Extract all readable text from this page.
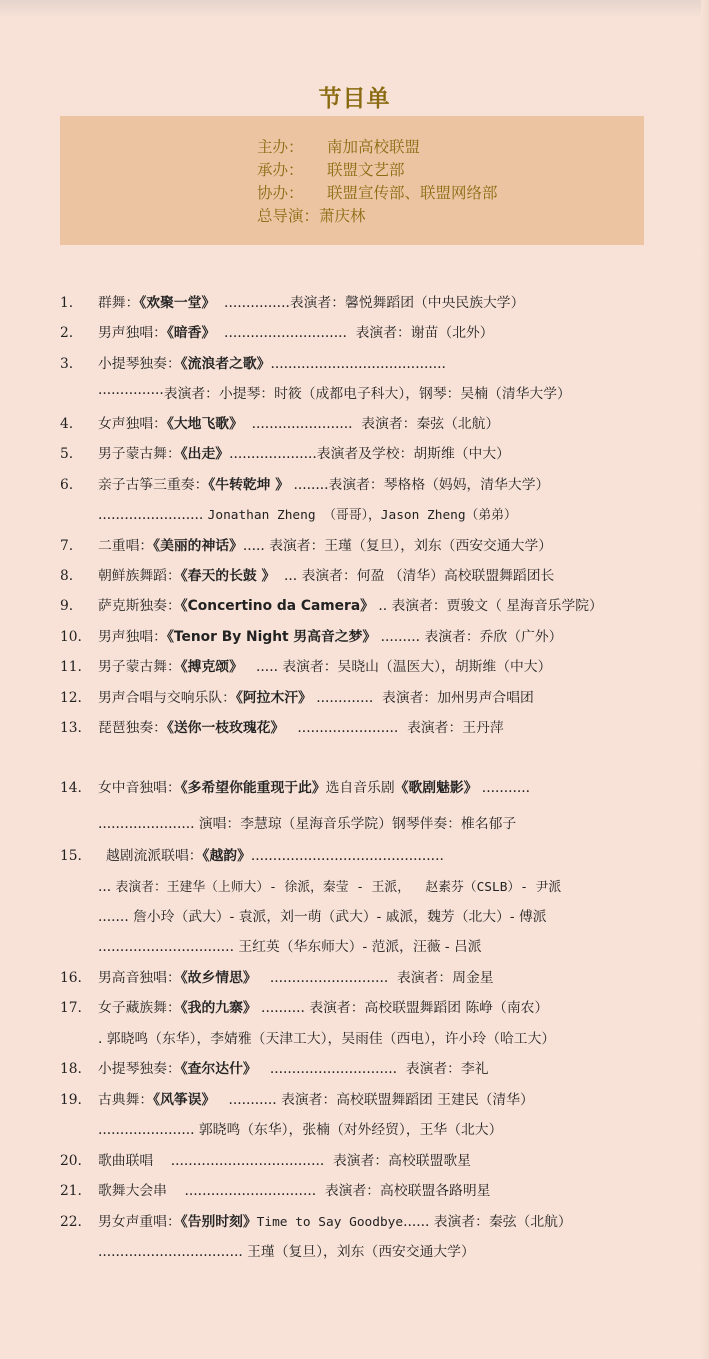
节目单
主办： 南加高校联盟
承办： 联盟文艺部
协办： 联盟宣传部、联盟网络部
总导演：萧庆林
1. 群舞：《欢聚一堂》  ...............表演者：馨悦舞蹈团（中央民族大学）
2. 男声独唱：《暗香》  ............................  表演者：谢苗（北外）
3. 小提琴独奏：《流浪者之歌》........................................
···············表演者：小提琴：时筱（成都电子科大），钢琴：吴楠（清华大学）
4. 女声独唱：《大地飞歌》  .......................  表演者：秦弦（北航）
5. 男子蒙古舞：《出走》....................表演者及学校：胡斯维（中大）
6. 亲子古筝三重奏：《牛转乾坤 》 ........表演者：琴格格（妈妈，清华大学）
........................ Jonathan Zheng （哥哥），Jason Zheng（弟弟）
7. 二重唱：《美丽的神话》..... 表演者：王瑾（复旦），刘东（西安交通大学）
8. 朝鲜族舞蹈：《春天的长鼓 》  ... 表演者：何盈 （清华）高校联盟舞蹈团长
9. 萨克斯独奏：《Concertino da Camera》 .. 表演者：贾骏文（ 星海音乐学院）
10. 男声独唱：《Tenor By Night 男高音之梦》 ......... 表演者：乔欣（广外）
11. 男子蒙古舞：《搏克颂》   ..... 表演者：吴晓山（温医大），胡斯维（中大）
12. 男声合唱与交响乐队：《阿拉木汗》 .............  表演者：加州男声合唱团
13. 琵琶独奏：《送你一枝玫瑰花》   .......................  表演者：王丹萍
14. 女中音独唱：《多希望你能重现于此》选自音乐剧《歌剧魅影》 ...........
...................... 演唱：李慧琼（星海音乐学院）钢琴伴奏：椎名郁子
15. 越剧流派联唱：《越韵》............................................
... 表演者：王建华（上师大）- 徐派，秦莹 - 王派，  赵素芬（CSLB）- 尹派
....... 詹小玲（武大）- 袁派，刘一萌（武大）- 戚派，魏芳（北大）- 傅派
............................... 王红英（华东师大）- 范派，汪薇 - 吕派
16. 男高音独唱：《故乡情思》   ...........................  表演者：周金星
17. 女子藏族舞：《我的九寨》 .......... 表演者：高校联盟舞蹈团 陈峥（南农）
. 郭晓鸣（东华），李婧雅（天津工大），吴雨佳（西电），许小玲（哈工大）
18. 小提琴独奏：《查尔达什》   .............................  表演者：李礼
19. 古典舞：《风筝误》   ........... 表演者：高校联盟舞蹈团 王建民（清华）
...................... 郭晓鸣（东华），张楠（对外经贸），王华（北大）
20. 歌曲联唱    ...................................  表演者：高校联盟歌星
21. 歌舞大会串    ..............................  表演者：高校联盟各路明星
22. 男女声重唱：《告别时刻》Time to Say Goodbye...... 表演者：秦弦（北航）
................................. 王瑾（复旦），刘东（西安交通大学）
